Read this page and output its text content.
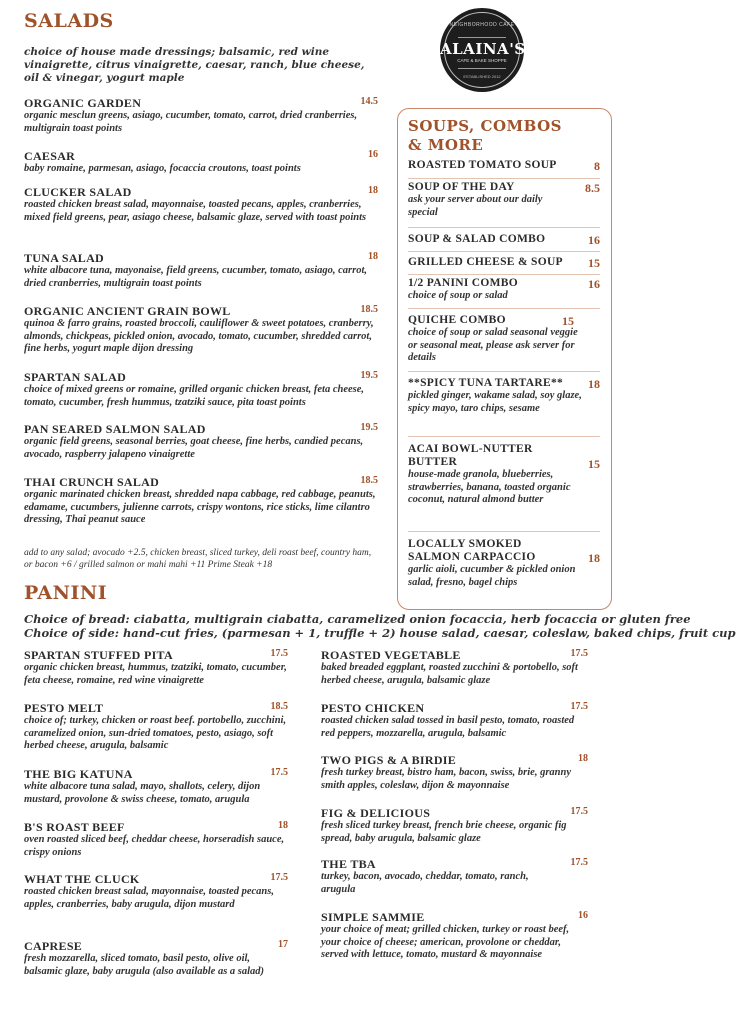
NEIGHBORHOOD CAFE
ALAINA'S
CAFE & BAKE SHOPPE
ESTABLISHED 2012
SALADS

choice of house made dressings; balsamic, red wine vinaigrette, citrus vinaigrette, caesar, ranch, blue cheese, oil & vinegar, yogurt maple

ORGANIC GARDEN	14.5
organic mesclun greens, asiago, cucumber, tomato, carrot, dried cranberries, multigrain toast points
CAESAR	16
baby romaine, parmesan, asiago, focaccia croutons, toast points
CLUCKER SALAD	18
roasted chicken breast salad, mayonnaise, toasted pecans, apples, cranberries, mixed field greens, pear, asiago cheese, balsamic glaze, served with toast points
TUNA SALAD	18
white albacore tuna, mayonaise, field greens, cucumber, tomato, asiago, carrot, dried cranberries, multigrain toast points
ORGANIC ANCIENT GRAIN BOWL	18.5
quinoa & farro grains, roasted broccoli, cauliflower & sweet potatoes, cranberry, almonds, chickpeas, pickled onion, avocado, tomato, cucumber, shredded carrot, fine herbs, yogurt maple dijon dressing
SPARTAN SALAD	19.5
choice of mixed greens or romaine, grilled organic chicken breast, feta cheese, tomato, cucumber, fresh hummus, tzatziki sauce, pita toast points
PAN SEARED SALMON SALAD	19.5
organic field greens, seasonal berries, goat cheese, fine herbs, candied pecans, avocado, raspberry jalapeno vinaigrette
THAI CRUNCH SALAD	18.5
organic marinated chicken breast, shredded napa cabbage, red cabbage, peanuts, edamame, cucumbers, julienne carrots, crispy wontons, rice sticks, lime cilantro dressing, Thai peanut sauce

add to any salad; avocado +2.5, chicken breast, sliced turkey, deli roast beef, country ham, or bacon +6 / grilled salmon or mahi mahi +11 Prime Steak +18

SOUPS, COMBOS
& MORE
ROASTED TOMATO SOUP	8
SOUP OF THE DAY	8.5
ask your server about our daily special
SOUP & SALAD COMBO	16
GRILLED CHEESE & SOUP	15
1/2 PANINI COMBO	16
choice of soup or salad
QUICHE COMBO	15
choice of soup or salad seasonal veggie or seasonal meat, please ask server for details
**SPICY TUNA TARTARE**	18
pickled ginger, wakame salad, soy glaze, spicy mayo, taro chips, sesame
ACAI BOWL-NUTTER BUTTER	15
house-made granola, blueberries, strawberries, banana, toasted organic coconut, natural almond butter
LOCALLY SMOKED SALMON CARPACCIO	18
garlic aioli, cucumber & pickled onion salad, fresno, bagel chips
PANINI

Choice of bread: ciabatta, multigrain ciabatta, caramelized onion focaccia, herb focaccia or gluten free

Choice of side: hand-cut fries, (parmesan + 1, truffle + 2) house salad, caesar, coleslaw, baked chips, fruit cup

SPARTAN STUFFED PITA	17.5
organic chicken breast, hummus, tzatziki, tomato, cucumber, feta cheese, romaine, red wine vinaigrette
PESTO MELT	18.5
choice of; turkey, chicken or roast beef. portobello, zucchini, caramelized onion, sun-dried tomatoes, pesto, asiago, soft herbed cheese, arugula, balsamic
THE BIG KATUNA	17.5
white albacore tuna salad, mayo, shallots, celery, dijon mustard, provolone & swiss cheese, tomato, arugula
B'S ROAST BEEF	18
oven roasted sliced beef, cheddar cheese, horseradish sauce, crispy onions
WHAT THE CLUCK	17.5
roasted chicken breast salad, mayonnaise, toasted pecans, apples, cranberries, baby arugula, dijon mustard
CAPRESE	17
fresh mozzarella, sliced tomato, basil pesto, olive oil, balsamic glaze, baby arugula (also available as a salad)
ROASTED VEGETABLE	17.5
baked breaded eggplant, roasted zucchini & portobello, soft herbed cheese, arugula, balsamic glaze
PESTO CHICKEN	17.5
roasted chicken salad tossed in basil pesto, tomato, roasted red peppers, mozzarella, arugula, balsamic
TWO PIGS & A BIRDIE	18
fresh turkey breast, bistro ham, bacon, swiss, brie, granny smith apples, coleslaw, dijon & mayonnaise
FIG & DELICIOUS	17.5
fresh sliced turkey breast, french brie cheese, organic fig spread, baby arugula, balsamic glaze
THE TBA	17.5
turkey, bacon, avocado, cheddar, tomato, ranch, arugula
SIMPLE SAMMIE	16
your choice of meat; grilled chicken, turkey or roast beef, your choice of cheese; american, provolone or cheddar, served with lettuce, tomato, mustard & mayonnaise
